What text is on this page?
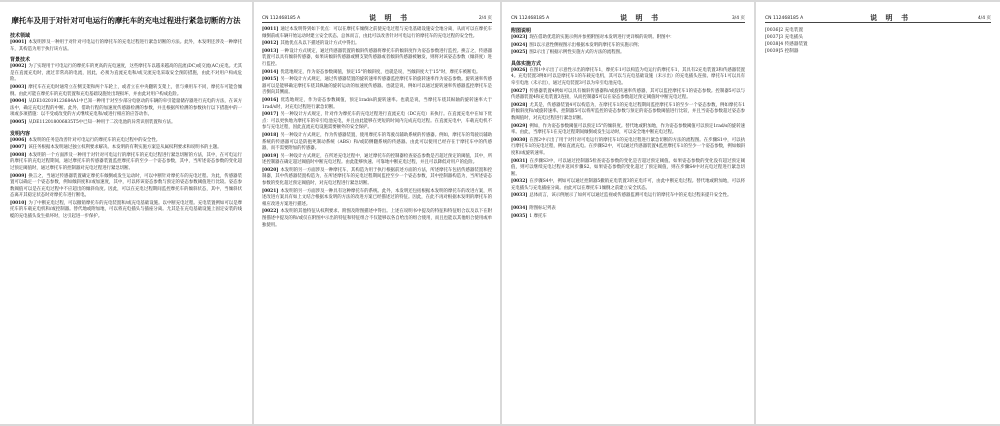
摩托车及用于对针对可电运行的摩托车的充电过程进行紧急切断的方法
技术领域
[0001] 本发明涉及一种用于对针对可电运行的摩托车的充电过程进行紧急切断的方法。此外，本发明还涉及一种摩托车，其构造为用于执行该方法。
背景技术
[0002] 为了实现用于可电运行的摩托车的更高的充电速度，这些摩托车以越来越高的直流(DC)或交流(AC)充电。尤其是在直流充电时，流过非常高的电流，因此，必须为直流充电和/或交流充电采取安全预防措施，由此不对用户构成危险。
[0003] 摩托车在充电时通常立在侧支架和两个车轮上，或者立在中央翻转支架上，但与乘用车不同，摩托车可能会倾倒。由此可能在摩托车的充电装置和充电基础设施处出现损坏，并由此对用户构成危险。
[0004] 从DE102019123684A1中已知一种用于对至少部分电驱动的车辆的牵引能量储存器进行充电的方法，在该方法中，确定充电过程的中断。此外，借助行程的加速度传感器检测的参数，并且根据所检测的参数执行以下措施中的一项或多项措施：以不受或改变的方式继续充电和/或进行相应的应答动作。
[0005] 从DE112018006835T5中已知一种用于二次电池的异常识别装置和方法。
发明内容
[0006] 本发明的任务是改善针对可电运行的摩托车的充电过程中的安全性。
[0007] 该任务根据本发明通过独立权利要求解决。本发明的有利实施方案是从属权利要求和说明书的主题。
[0008] 本发明的一个方面涉及一种用于对针对可电运行的摩托车的充电过程进行紧急切断的方法，其中，在可电运行的摩托车的充电过程期间，通过摩托车的传感器装置监控摩托车的至少一个姿态参数，其中，当所述姿态参数的变化超过预定阈值时，通过摩托车的控制器对充电过程进行紧急切断。
[0009] 换言之，当通过传感器装置确定摩托车倾倒或发生运动时，可以中断针对摩托车的充电过程。为此，传感器装置可以确定一个姿态参数，例如倾斜度和/或加速度，其中，可以将该姿态参数与预定的姿态参数阈值进行比较。姿态参数阈值可以是在充电过程中不应超出的倾斜角度。因此，可以在充电过程期间监控摩托车的倾斜状态，其中，当倾斜状态离开其稳定状态时对摩托车进行断电。
[0010] 为了中断充电过程，可以撤销摩托车的充电装置和/或充电基础设施。以中断充电过程。充电装置例如可以是摩托车的车载充电机和/或控制器。替代地或附加地，可以将充电插头与插座分离。尤其是在充电基础设施上固定安装的线缆的充电插头发生损坏时，这引起进一步保护。
CN 112468185 A	说 明 书	2/4 页
[0011] 通过本发明得到如下优点：可以在摩托车倾倒之前使充电过程与充电基础设施安全地分离，从而可以在摩托车倾倒前或车辆开始运动时建立安全状态。总体而言，由此可以改善针对可电运行的摩托车的充电过程的安全性。
[0012] 其他优点从以下描述的设计方式中得出。
[0013] 一种设计方式规定，通过传感器装置的倾斜传感器将摩托车的倾斜度作为姿态参数进行监控。换言之，传感器装置可以具有倾斜传感器，如果该倾斜传感器或侧支架传感器或者倾斜传感器被触发，则将对该姿态参数（倾斜度）进行监控。
[0014] 优选地规定，作为姿态参数阈值，预定15°的倾斜度，也就是说，当倾斜度大于15°时，摩托车被断电。
[0015] 另一种设计方式规定，通过传感器装置的旋转速率传感器监控摩托车的旋转速率作为姿态参数。旋转速率传感器可以是能够确定摩托车绕其纵轴的旋转运动的加速度传感器。也就是说，例如可以通过旋转速率传感器监控摩托车是否倒向其侧面。
[0016] 优选地规定，作为姿态参数阈值，预定1rad/s的旋转速率。也就是说，当摩托车绕其纵轴的旋转速率大于1rad/s时，对充电过程进行紧急切断。
[0017] 另一种设计方式规定，针对作为摩托车的充电过程进行直流充电（DC充电）来执行。在直流充电中在如下优点：可以更快地为摩托车的牵引电池充电，并且由此能够在更短的时间内完成充电过程。在直流充电中，车载充电机不参与充电过程，因此直流充电设施需要额外的安全保护。
[0018] 另一种设计方式规定，作为传感器装置，使用摩托车的驾驶员辅助系统的传感器。例如，摩托车的驾驶员辅助系统的传感器可以是防抱死制动系统（ABS）和/或防侧翻系统的传感器。由此可以使用已经存在于摩托车中的传感器，而不需要附加的传感器。
[0019] 另一种设计方式规定，在所述充电过程中，通过摩托车的控制器检查姿态参数是否超过预定的阈值，其中，所述控制器在确定超过阈值时中断充电过程。由此能够快速、可靠地中断充电过程，并且可以降低对用户的危险。
[0020] 本发明的另一方面涉及一种摩托车，其构造为用于执行根据前述方面的方法，所述摩托车包括传感器装置和控制器，其中传感器装置构造为，在所述摩托车的充电过程期间监控至少一个姿态参数，其中控制器构造为，当所述姿态参数的变化超过预定阈值时，对充电过程进行紧急切断。
[0021] 本发明的另一方面涉及一种具有这种摩托车的系统。此外，本发明还包括根据本发明的摩托车的改进方案，所述改进方案具有如上文结合根据本发明的方法的改进方案已经描述过的特征。因此，在此不再对根据本发明的摩托车的相应改进方案进行描述。
[0022] 本发明的其他特征从权利要求、附图及附图描述中得出。上述在说明书中提及的特征和特征组合以及以下在附图描述中提及的和/或仅在附图中示出的特征和特征组合不仅能够以各自给出的组合使用，而且也能以其他组合使用或单独使用。
CN 112468185 A	说 明 书	3/4 页
附图说明
[0023] 现在借助优选的实施示例并参照附图对本发明进行更详细的说明。附图中：
[0024] 图1以示意性侧视图示出根据本发明的摩托车的实施示例；
[0025] 图2示出了根据示例性实施方式的方法的流程图。
具体实施方式
[0026] 在图1中示出了示意性示出的摩托车1，摩托车1可以构造为电运行的摩托车1，其具有2充电装置3和传感器装置4。充电装置3例如可以是摩托车1的车载充电机，其可以与充电基础设施（未示出）的充电插头连接。摩托车1可以具有牵引电池（未示出），通过充电装置3可以为牵引电池充电。
[0027] 传感器装置4例如可以具有倾斜传感器和/或旋转速率传感器，其可以监控摩托车1的姿态参数。控制器5可以与传感器装置4和充电装置3连接，从而控制器5可以在姿态参数超过预定阈值时中断充电过程。
[0028] 尤其是，传感器装置4可以构造为，在摩托车1的充电过程期间监控摩托车1的至少一个姿态参数，例如摩托车1的倾斜度和/或旋转速率。控制器5可以将所监控的姿态参数与预定的姿态参数阈值进行比较，并且当姿态参数超过姿态参数阈值时，对充电过程进行紧急切断。
[0029] 例如，作为姿态参数阈值可以预定15°的倾斜度。替代地或附加地，作为姿态参数阈值可以预定1rad/s的旋转速率。由此，当摩托车1在充电过程期间倾倒或发生运动时，可以安全地中断充电过程。
[0030] 在图2中示出了用于对针对可电运行的摩托车1的充电过程进行紧急切断的方法的流程图。在步骤S1中，可以执行摩托车1的充电过程，例如直流充电。在步骤S2中，可以通过传感器装置4监控摩托车1的至少一个姿态参数，例如倾斜度和/或旋转速率。
[0031] 在步骤S3中，可以通过控制器5检查姿态参数的变化是否超过预定阈值。如果姿态参数的变化没有超过预定阈值，则可以继续充电过程并返回步骤S2。如果姿态参数的变化超过了预定阈值，则在步骤S4中对充电过程进行紧急切断。
[0032] 在步骤S4中，例如可以通过控制器5撤销充电装置3的充电许可，由此中断充电过程。替代地或附加地，可以将充电插头与充电插座分离。由此可以在摩托车1倾倒之前建立安全状态。
[0033] 总体而言，该示例展示了如何可以通过监视或传感器监测可电运行的摩托车中的充电过程来提升安全性。
[0034] 附图标记列表
[0035] 1 摩托车
CN 112468185 A	说 明 书	4/4 页
[0036]2 充电装置
[0037]3 充电插头
[0038]4 传感器装置
[0039]5 控制器
